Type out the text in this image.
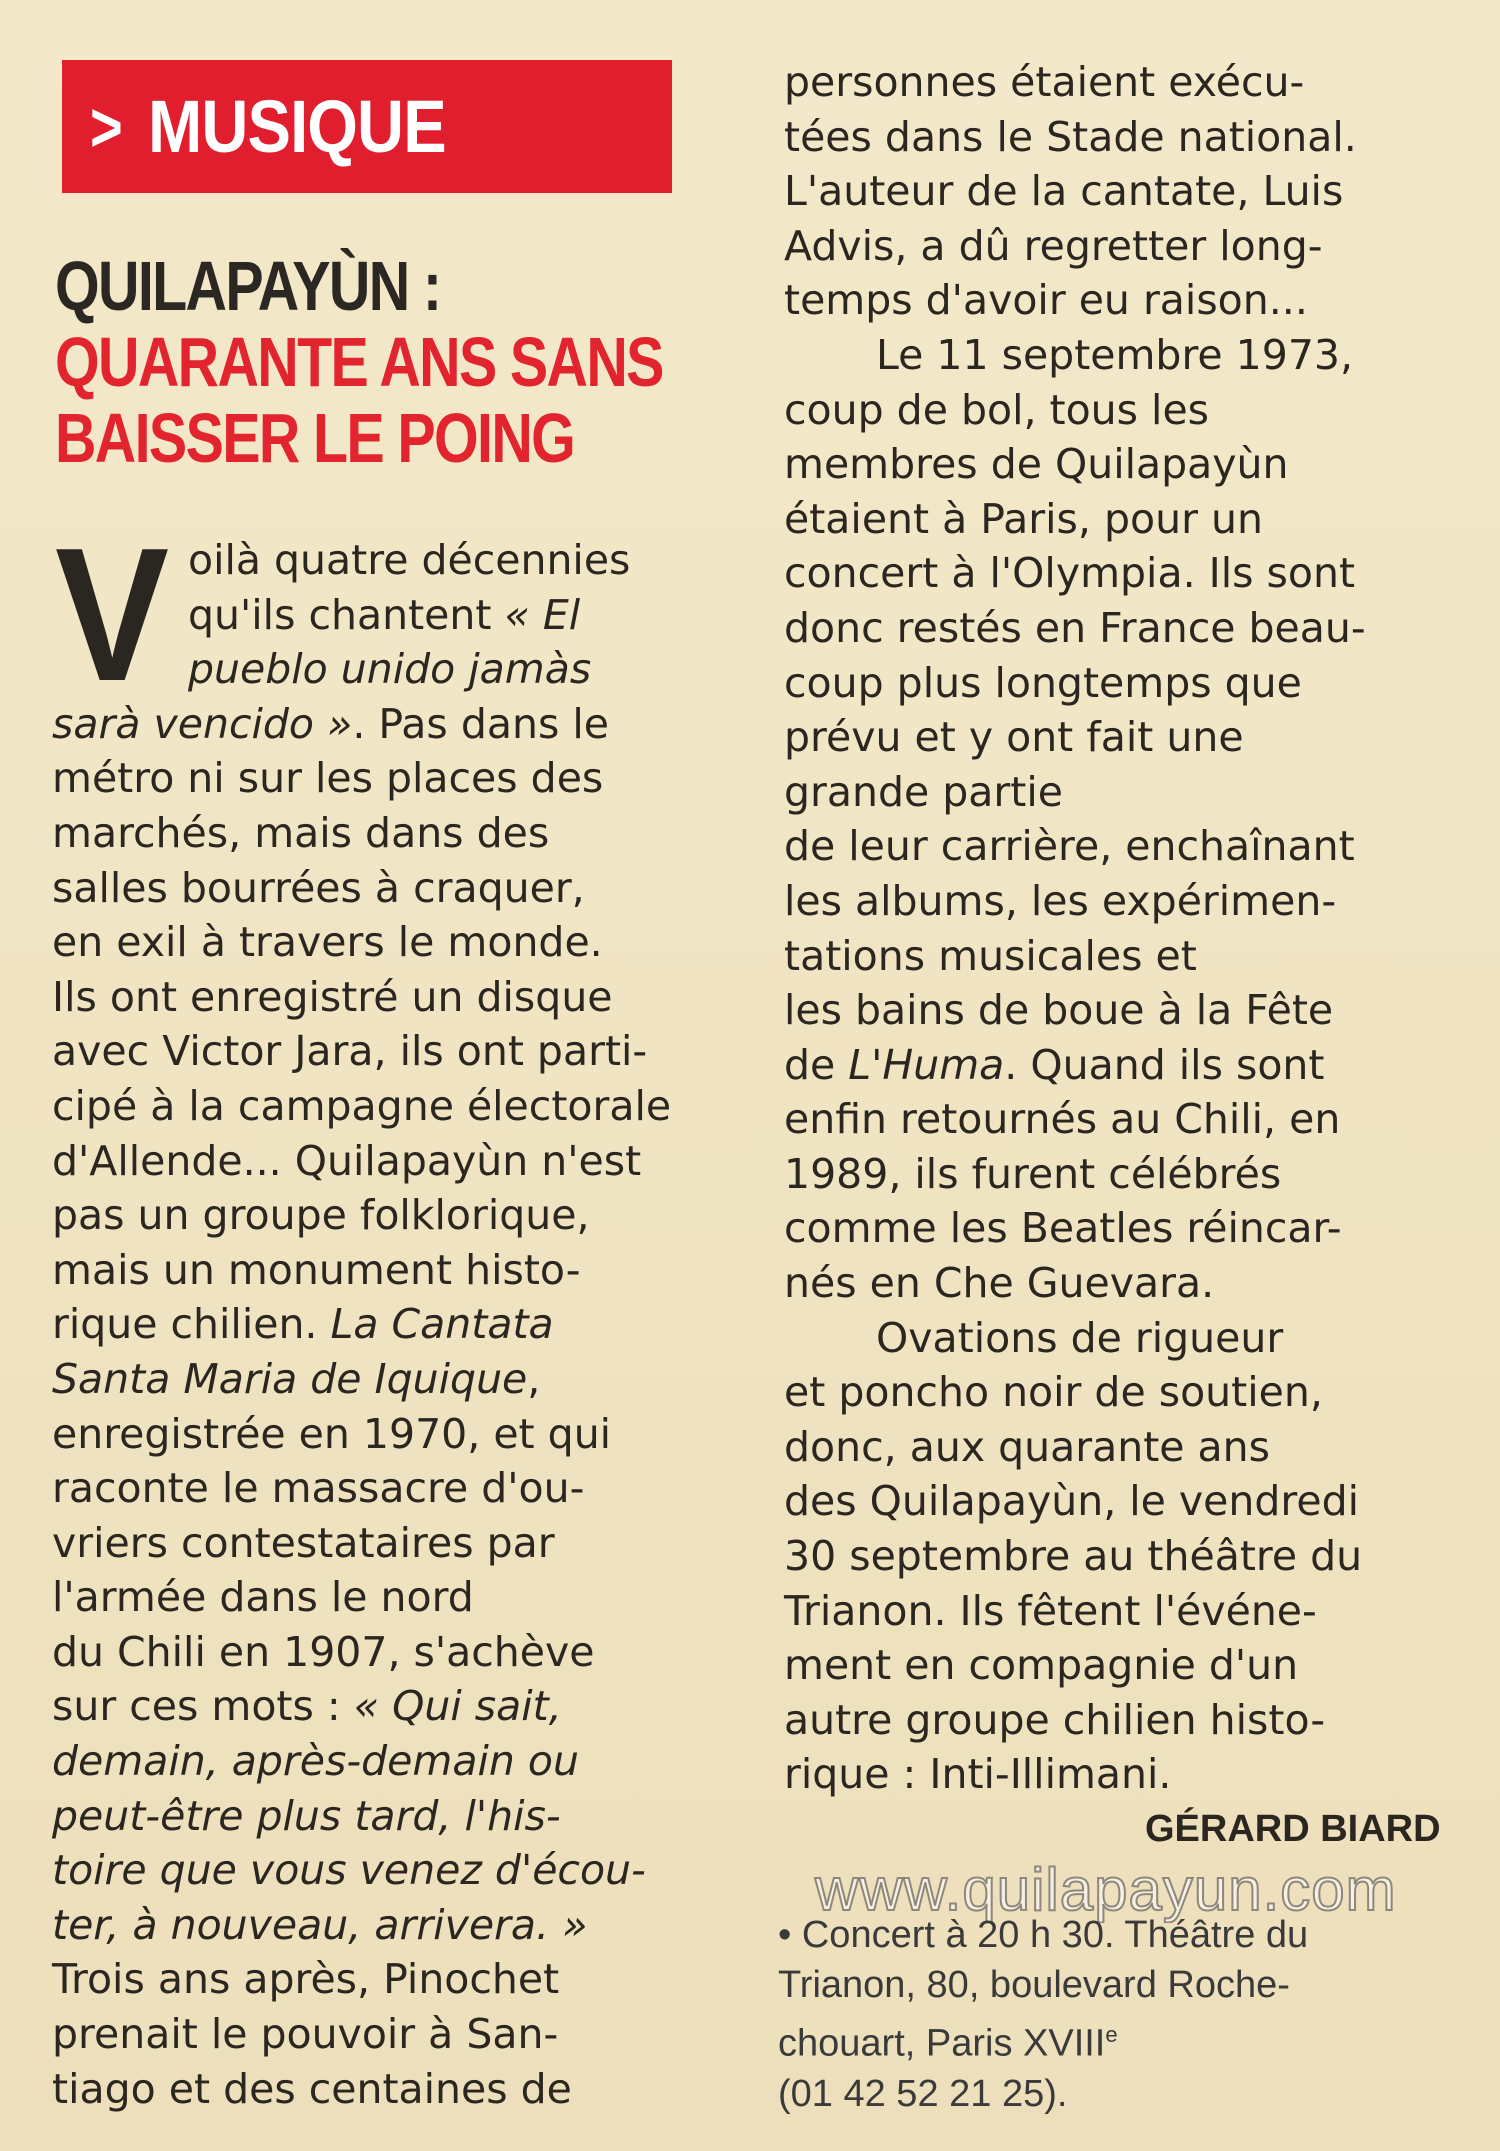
> MUSIQUE
QUILAPAYÙN :
QUARANTE ANS SANS
BAISSER LE POING
V oilà quatre décennies
qu'ils chantent « El
pueblo unido jamàs
sarà vencido ». Pas dans le
métro ni sur les places des
marchés, mais dans des
salles bourrées à craquer,
en exil à travers le monde.
Ils ont enregistré un disque
avec Victor Jara, ils ont parti-
cipé à la campagne électorale
d'Allende... Quilapayùn n'est
pas un groupe folklorique,
mais un monument histo-
rique chilien. La Cantata
Santa Maria de Iquique,
enregistrée en 1970, et qui
raconte le massacre d'ou-
vriers contestataires par
l'armée dans le nord
du Chili en 1907, s'achève
sur ces mots : « Qui sait,
demain, après-demain ou
peut-être plus tard, l'his-
toire que vous venez d'écou-
ter, à nouveau, arrivera. »
Trois ans après, Pinochet
prenait le pouvoir à San-
tiago et des centaines de
personnes étaient exécu-
tées dans le Stade national.
L'auteur de la cantate, Luis
Advis, a dû regretter long-
temps d'avoir eu raison...
Le 11 septembre 1973,
coup de bol, tous les
membres de Quilapayùn
étaient à Paris, pour un
concert à l'Olympia. Ils sont
donc restés en France beau-
coup plus longtemps que
prévu et y ont fait une
grande partie
de leur carrière, enchaînant
les albums, les expérimen-
tations musicales et
les bains de boue à la Fête
de L'Huma. Quand ils sont
enfin retournés au Chili, en
1989, ils furent célébrés
comme les Beatles réincar-
nés en Che Guevara.
Ovations de rigueur
et poncho noir de soutien,
donc, aux quarante ans
des Quilapayùn, le vendredi
30 septembre au théâtre du
Trianon. Ils fêtent l'événe-
ment en compagnie d'un
autre groupe chilien histo-
rique : Inti-Illimani.
GÉRARD BIARD
www.quilapayun.com
• Concert à 20 h 30. Théâtre du
Trianon, 80, boulevard Roche-
chouart, Paris XVIIIe
(01 42 52 21 25).
